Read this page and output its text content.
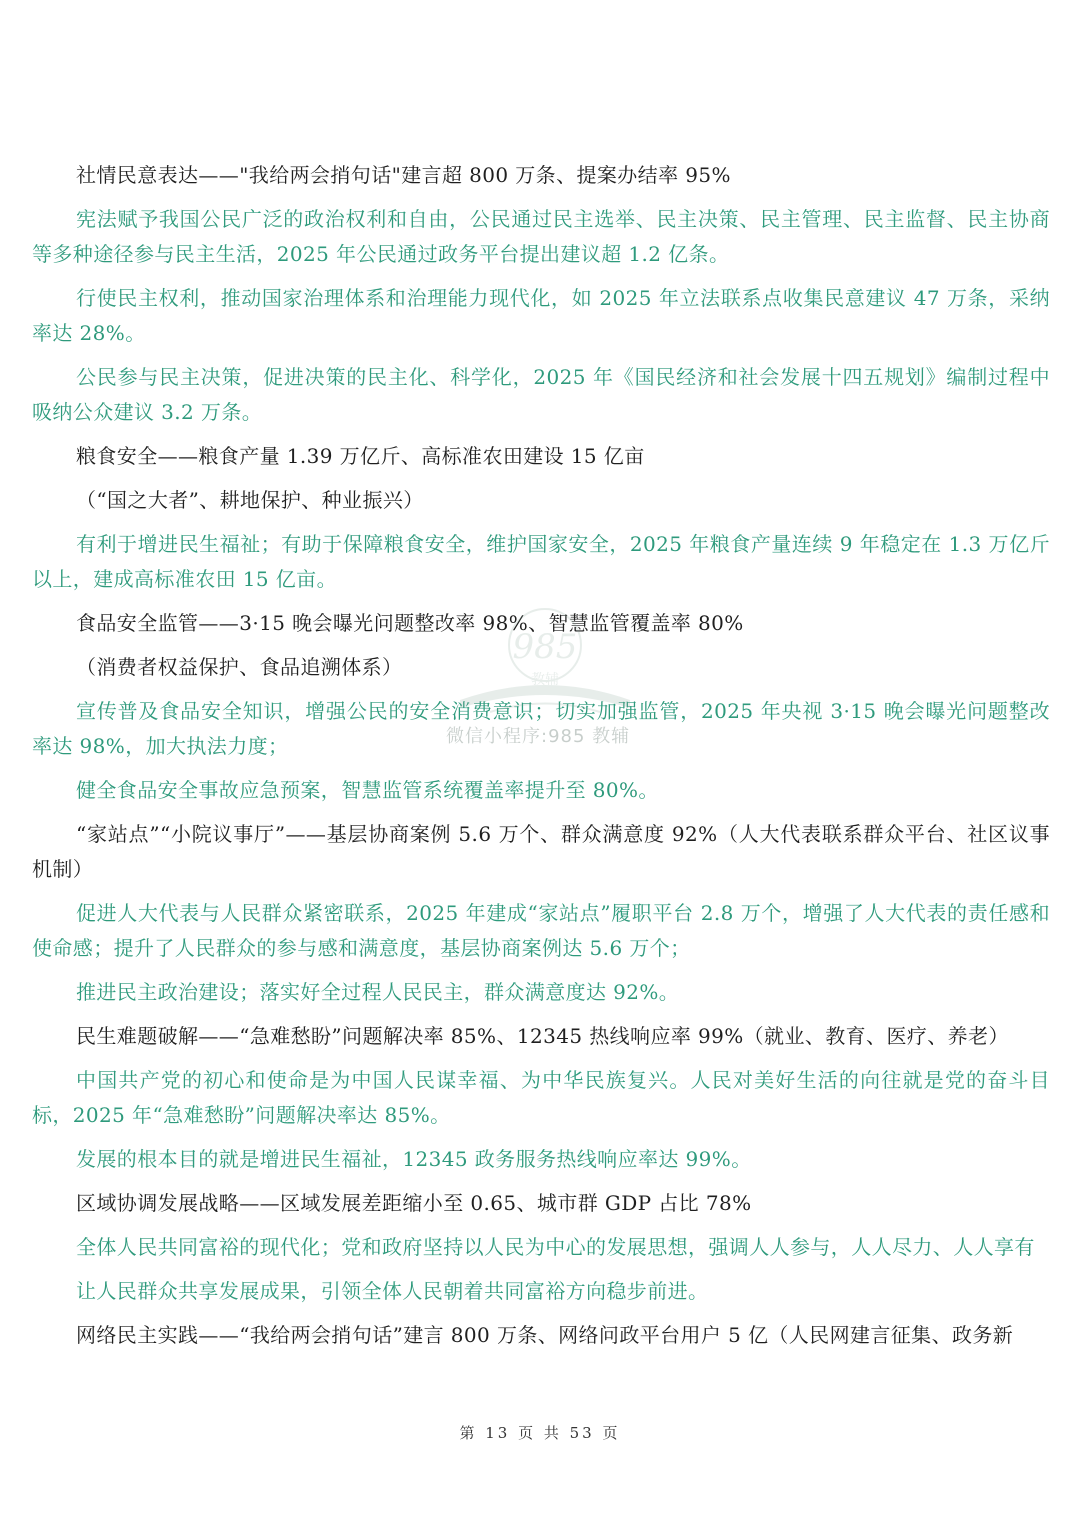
社情民意表达——"我给两会捎句话"建言超 800 万条、提案办结率 95%

宪法赋予我国公民广泛的政治权利和自由，公民通过民主选举、民主决策、民主管理、民主监督、民主协商等多种途径参与民主生活，2025 年公民通过政务平台提出建议超 1.2 亿条。

行使民主权利，推动国家治理体系和治理能力现代化，如 2025 年立法联系点收集民意建议 47 万条，采纳率达 28%。

公民参与民主决策，促进决策的民主化、科学化，2025 年《国民经济和社会发展十四五规划》编制过程中吸纳公众建议 3.2 万条。

粮食安全——粮食产量 1.39 万亿斤、高标准农田建设 15 亿亩

（“国之大者”、耕地保护、种业振兴）

有利于增进民生福祉；有助于保障粮食安全，维护国家安全，2025 年粮食产量连续 9 年稳定在 1.3 万亿斤以上，建成高标准农田 15 亿亩。

食品安全监管——3·15 晚会曝光问题整改率 98%、智慧监管覆盖率 80%

（消费者权益保护、食品追溯体系）

宣传普及食品安全知识，增强公民的安全消费意识；切实加强监管，2025 年央视 3·15 晚会曝光问题整改率达 98%，加大执法力度；

健全食品安全事故应急预案，智慧监管系统覆盖率提升至 80%。

“家站点”“小院议事厅”——基层协商案例 5.6 万个、群众满意度 92%（人大代表联系群众平台、社区议事机制）

促进人大代表与人民群众紧密联系，2025 年建成“家站点”履职平台 2.8 万个，增强了人大代表的责任感和使命感；提升了人民群众的参与感和满意度，基层协商案例达 5.6 万个；

推进民主政治建设；落实好全过程人民民主，群众满意度达 92%。

民生难题破解——“急难愁盼”问题解决率 85%、12345 热线响应率 99%（就业、教育、医疗、养老）

中国共产党的初心和使命是为中国人民谋幸福、为中华民族复兴。人民对美好生活的向往就是党的奋斗目标，2025 年“急难愁盼”问题解决率达 85%。

发展的根本目的就是增进民生福祉，12345 政务服务热线响应率达 99%。

区域协调发展战略——区域发展差距缩小至 0.65、城市群 GDP 占比 78%

全体人民共同富裕的现代化；党和政府坚持以人民为中心的发展思想，强调人人参与，人人尽力、人人享有

让人民群众共享发展成果，引领全体人民朝着共同富裕方向稳步前进。

网络民主实践——“我给两会捎句话”建言 800 万条、网络问政平台用户 5 亿（人民网建言征集、政务新

985
教辅
微信小程序:985 教辅
第 13 页 共 53 页
